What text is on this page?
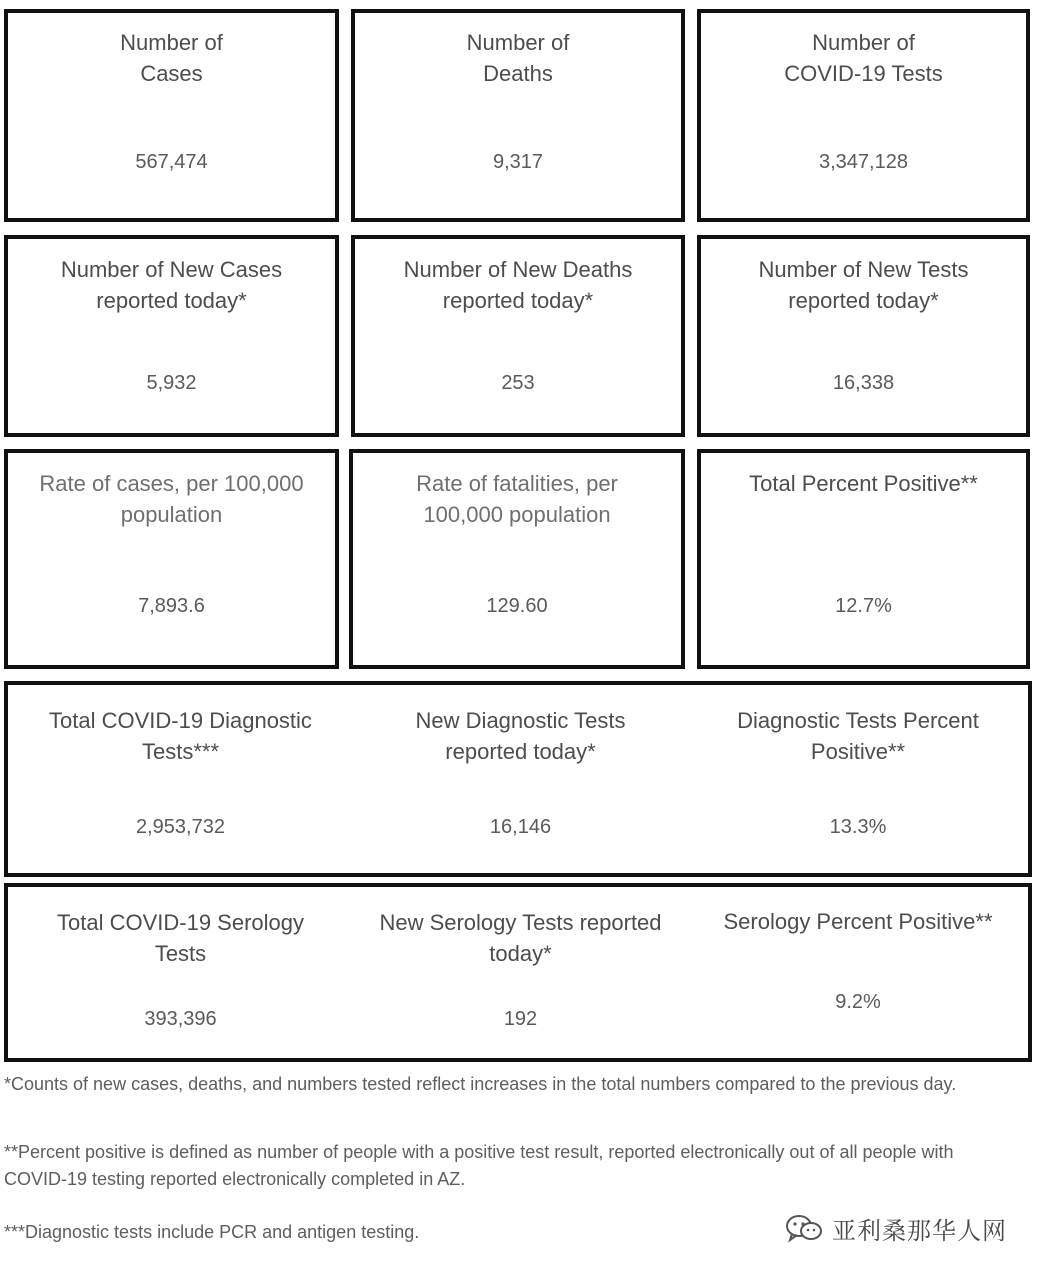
Number of
Cases
567,474
Number of
Deaths
9,317
Number of
COVID-19 Tests
3,347,128
Number of New Cases
reported today*
5,932
Number of New Deaths
reported today*
253
Number of New Tests
reported today*
16,338
Rate of cases, per 100,000
population
7,893.6
Rate of fatalities, per
100,000 population
129.60
Total Percent Positive**
12.7%
Total COVID-19 Diagnostic
Tests***
2,953,732
New Diagnostic Tests
reported today*
16,146
Diagnostic Tests Percent
Positive**
13.3%
Total COVID-19 Serology
Tests
393,396
New Serology Tests reported
today*
192
Serology Percent Positive**
9.2%
*Counts of new cases, deaths, and numbers tested reflect increases in the total numbers compared to the previous day.
**Percent positive is defined as number of people with a positive test result, reported electronically out of all people with COVID-19 testing reported electronically completed in AZ.
***Diagnostic tests include PCR and antigen testing.	亚利桑那华人网
